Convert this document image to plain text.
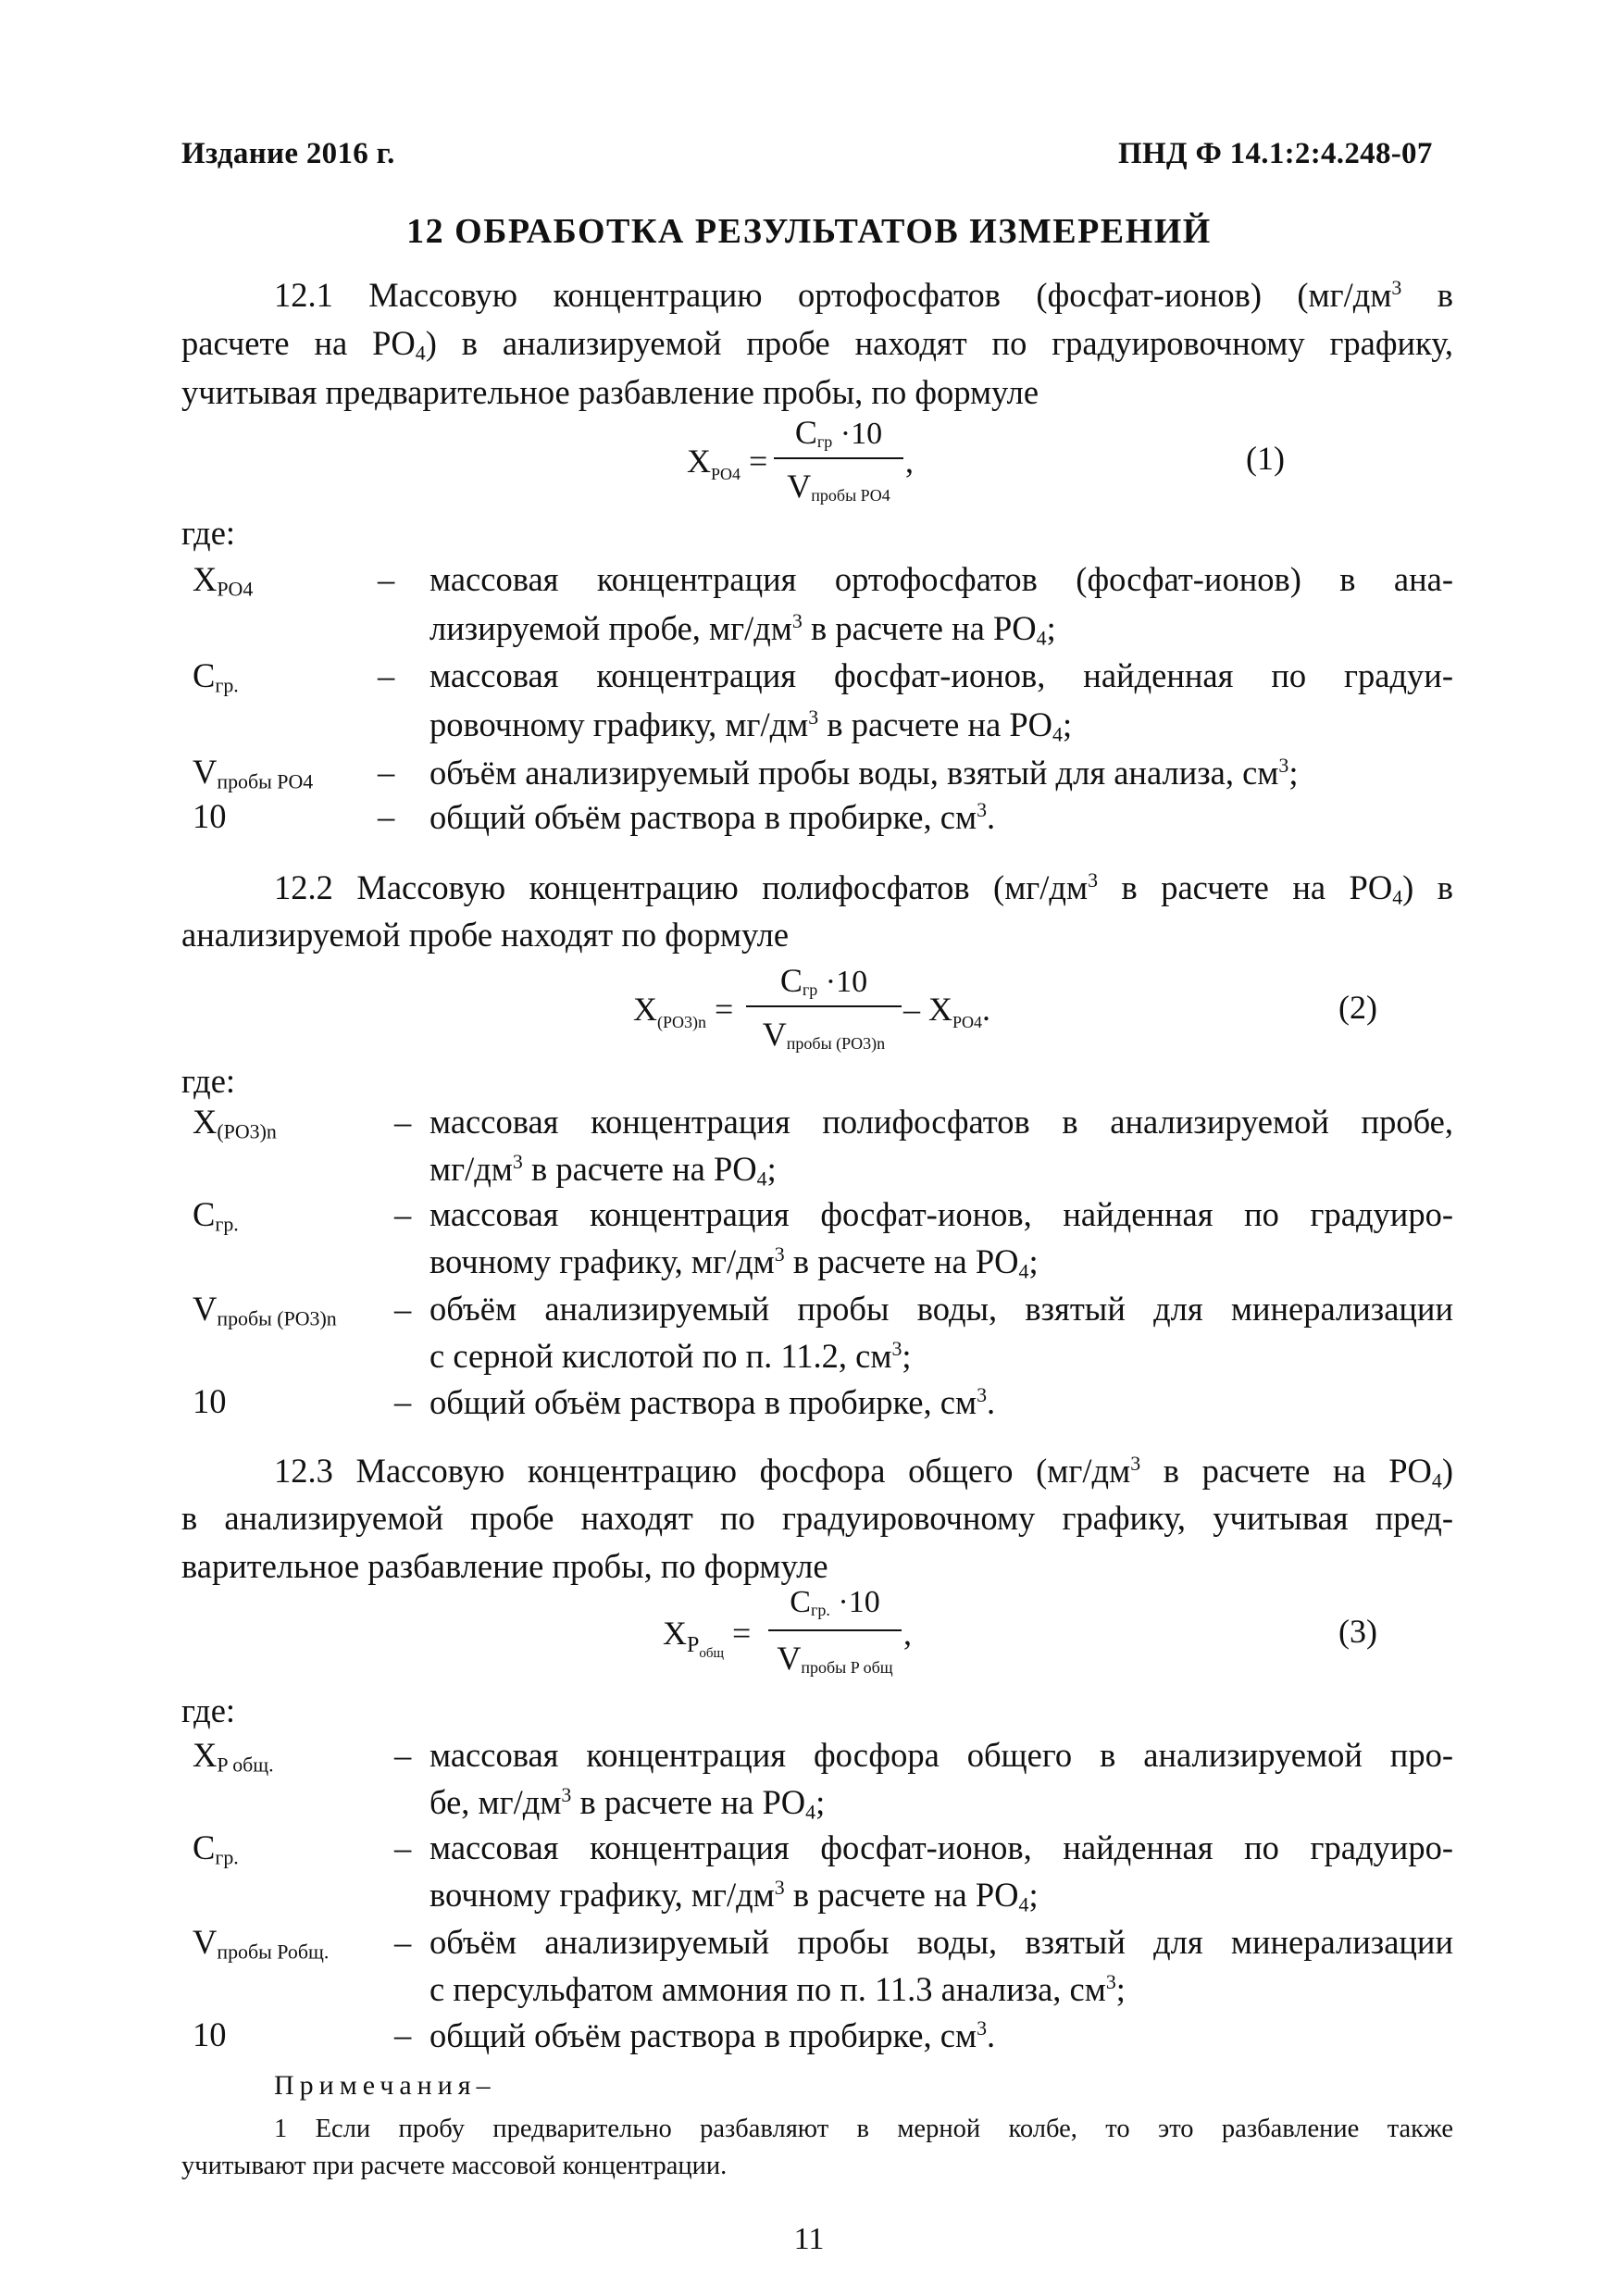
Издание 2016 г.	ПНД Ф 14.1:2:4.248-07
12 ОБРАБОТКА РЕЗУЛЬТАТОВ ИЗМЕРЕНИЙ
12.1 Массовую концентрацию ортофосфатов (фосфат-ионов) ($мг/дм^3$ в
расчете на $PO_4$) в анализируемой пробе находят по градуировочному графику,
учитывая предварительное разбавление пробы, по формуле
$X_{PO4}$ =
$C_{гр} \cdot 10$
$V_{пробы PO4}$
,	(1)
где:
$X_{PO4}$	– массовая концентрация ортофосфатов (фосфат-ионов) в ана-
лизируемой пробе, $мг/дм^3$ в расчете на $PO_4$;
$C_{гр.}$	– массовая концентрация фосфат-ионов, найденная по градуи-
ровочному графику, $мг/дм^3$ в расчете на $PO_4$;
$V_{пробы PO4}$ – объём анализируемый пробы воды, взятый для анализа, $см^3$;
10	– общий объём раствора в пробирке, $см^3$.
12.2 Массовую концентрацию полифосфатов ($мг/дм^3$ в расчете на $PO_4$) в
анализируемой пробе находят по формуле
$X_{(PO3)n}$ =
$C_{гр} \cdot 10$
$V_{пробы (PO3)n}$
– $X_{PO4}$.	(2)
где:
$X_{(PO3)n}$	– массовая концентрация полифосфатов в анализируемой пробе,
$мг/дм^3$ в расчете на $PO_4$;
$C_{гр.}$	– массовая концентрация фосфат-ионов, найденная по градуиро-
вочному графику, $мг/дм^3$ в расчете на $PO_4$;
$V_{пробы (PO3)n}$ – объём анализируемый пробы воды, взятый для минерализации
с серной кислотой по п. 11.2, $см^3$;
10	– общий объём раствора в пробирке, $см^3$.
12.3 Массовую концентрацию фосфора общего ($мг/дм^3$ в расчете на $PO_4$)
в анализируемой пробе находят по градуировочному графику, учитывая пред-
варительное разбавление пробы, по формуле
$X_{P_{общ}}$ =
$C_{гр.} \cdot 10$
$V_{пробы P общ}$
,	(3)
где:
$X_{P общ.}$	– массовая концентрация фосфора общего в анализируемой про-
бе, $мг/дм^3$ в расчете на $PO_4$;
$C_{гр.}$	– массовая концентрация фосфат-ионов, найденная по градуиро-
вочному графику, $мг/дм^3$ в расчете на $PO_4$;
$V_{пробы Робщ.}$ – объём анализируемый пробы воды, взятый для минерализации
с персульфатом аммония по п. 11.3 анализа, $см^3$;
10	– общий объём раствора в пробирке, $см^3$.
Примечания–
1 Если пробу предварительно разбавляют в мерной колбе, то это разбавление также
учитывают при расчете массовой концентрации.
11
